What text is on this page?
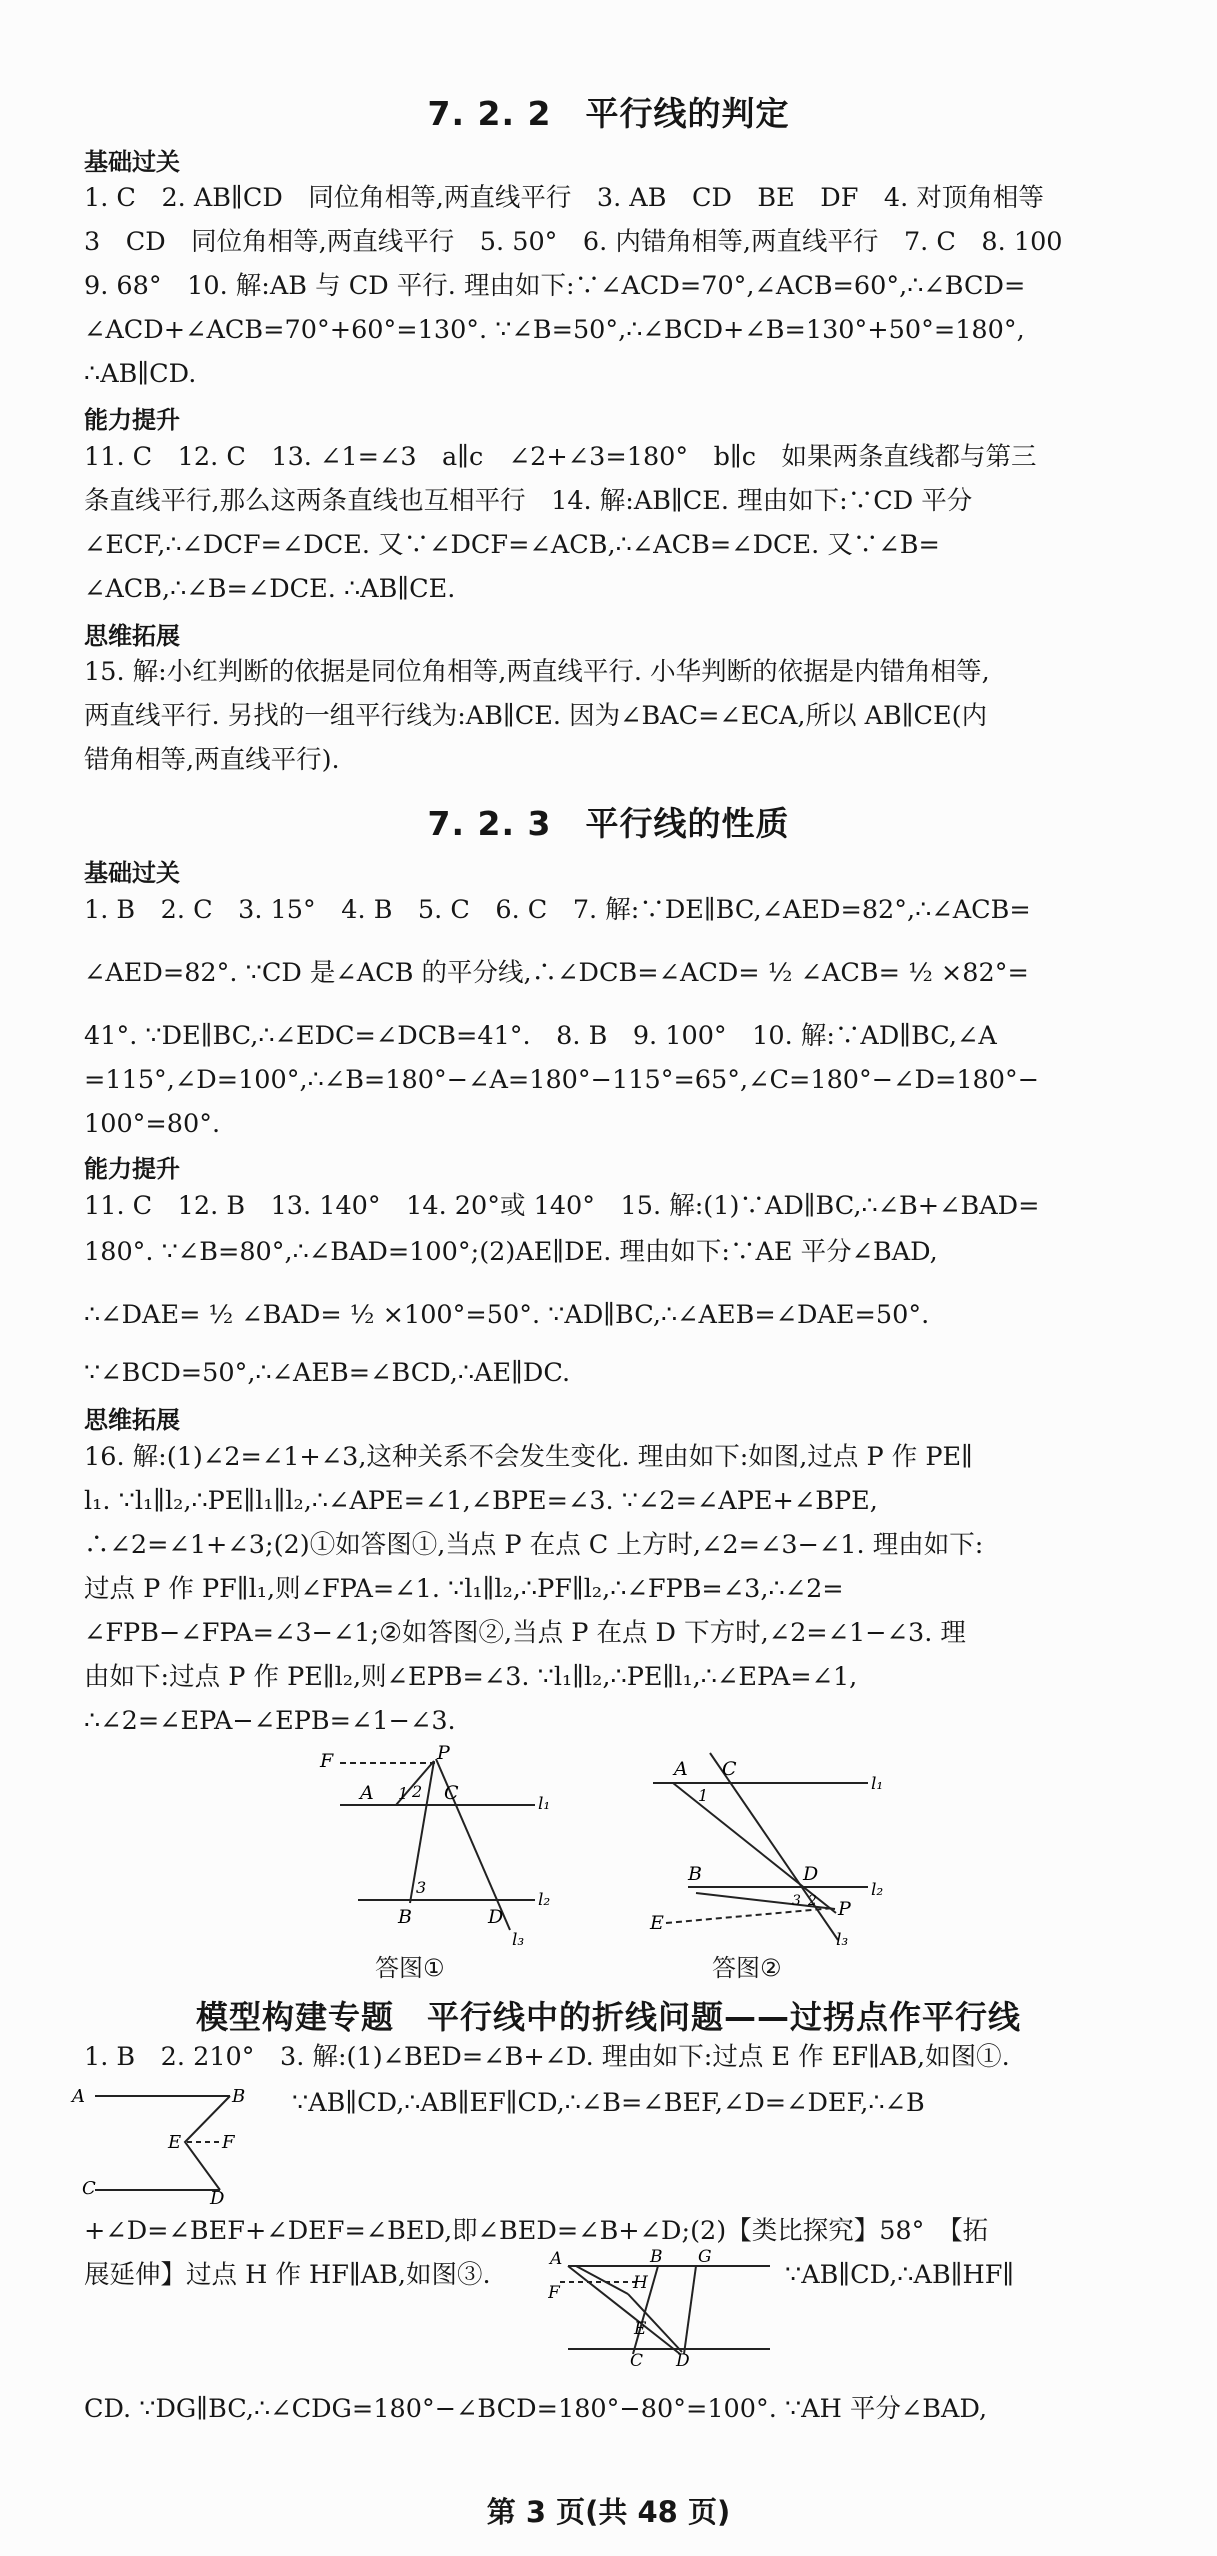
7. 2. 2　平行线的判定
基础过关
1. C　2. AB∥CD　同位角相等,两直线平行　3. AB　CD　BE　DF　4. 对顶角相等
3　CD　同位角相等,两直线平行　5. 50°　6. 内错角相等,两直线平行　7. C　8. 100
9. 68°　10. 解:AB 与 CD 平行. 理由如下:∵∠ACD=70°,∠ACB=60°,∴∠BCD=
∠ACD+∠ACB=70°+60°=130°. ∵∠B=50°,∴∠BCD+∠B=130°+50°=180°,
∴AB∥CD.
能力提升
11. C　12. C　13. ∠1=∠3　a∥c　∠2+∠3=180°　b∥c　如果两条直线都与第三
条直线平行,那么这两条直线也互相平行　14. 解:AB∥CE. 理由如下:∵CD 平分
∠ECF,∴∠DCF=∠DCE. 又∵∠DCF=∠ACB,∴∠ACB=∠DCE. 又∵∠B=
∠ACB,∴∠B=∠DCE. ∴AB∥CE.
思维拓展
15. 解:小红判断的依据是同位角相等,两直线平行. 小华判断的依据是内错角相等,
两直线平行. 另找的一组平行线为:AB∥CE. 因为∠BAC=∠ECA,所以 AB∥CE(内
错角相等,两直线平行).
7. 2. 3　平行线的性质
基础过关
1. B　2. C　3. 15°　4. B　5. C　6. C　7. 解:∵DE∥BC,∠AED=82°,∴∠ACB=
∠AED=82°. ∵CD 是∠ACB 的平分线,∴∠DCB=∠ACD= ½ ∠ACB= ½ ×82°=
41°. ∵DE∥BC,∴∠EDC=∠DCB=41°.　8. B　9. 100°　10. 解:∵AD∥BC,∠A
=115°,∠D=100°,∴∠B=180°−∠A=180°−115°=65°,∠C=180°−∠D=180°−
100°=80°.
能力提升
11. C　12. B　13. 140°　14. 20°或 140°　15. 解:(1)∵AD∥BC,∴∠B+∠BAD=
180°. ∵∠B=80°,∴∠BAD=100°;(2)AE∥DE. 理由如下:∵AE 平分∠BAD,
∴∠DAE= ½ ∠BAD= ½ ×100°=50°. ∵AD∥BC,∴∠AEB=∠DAE=50°.
∵∠BCD=50°,∴∠AEB=∠BCD,∴AE∥DC.
思维拓展
16. 解:(1)∠2=∠1+∠3,这种关系不会发生变化. 理由如下:如图,过点 P 作 PE∥
l₁. ∵l₁∥l₂,∴PE∥l₁∥l₂,∴∠APE=∠1,∠BPE=∠3. ∵∠2=∠APE+∠BPE,
∴∠2=∠1+∠3;(2)①如答图①,当点 P 在点 C 上方时,∠2=∠3−∠1. 理由如下:
过点 P 作 PF∥l₁,则∠FPA=∠1. ∵l₁∥l₂,∴PF∥l₂,∴∠FPB=∠3,∴∠2=
∠FPB−∠FPA=∠3−∠1;②如答图②,当点 P 在点 D 下方时,∠2=∠1−∠3. 理
由如下:过点 P 作 PE∥l₂,则∠EPB=∠3. ∵l₁∥l₂,∴PE∥l₁,∴∠EPA=∠1,
∴∠2=∠EPA−∠EPB=∠1−∠3.
F	P
A 1 2 C	l₁
3
B	D
l₂
l₃
答图①
A C
l₁
1
B	D
l₂
E
3 2 P
l₃
答图②
模型构建专题　平行线中的折线问题——过拐点作平行线
1. B　2. 210°　3. 解:(1)∠BED=∠B+∠D. 理由如下:过点 E 作 EF∥AB,如图①.
A	B
E F
C	D
∵AB∥CD,∴AB∥EF∥CD,∴∠B=∠BEF,∠D=∠DEF,∴∠B
+∠D=∠BEF+∠DEF=∠BED,即∠BED=∠B+∠D;(2)【类比探究】58°　【拓
展延伸】过点 H 作 HF∥AB,如图③.
A	B G
F	H
E
C D
∵AB∥CD,∴AB∥HF∥
CD. ∵DG∥BC,∴∠CDG=180°−∠BCD=180°−80°=100°. ∵AH 平分∠BAD,
第 3 页(共 48 页)
